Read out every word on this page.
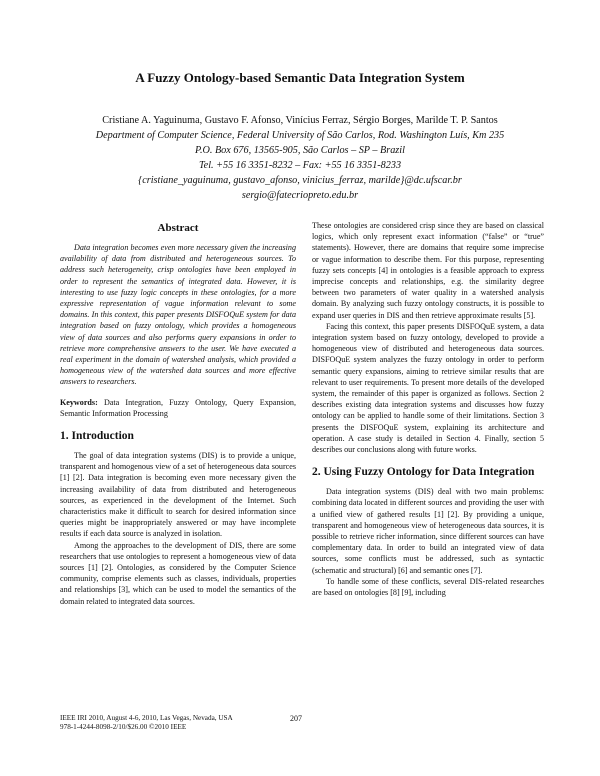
A Fuzzy Ontology-based Semantic Data Integration System
Cristiane A. Yaguinuma, Gustavo F. Afonso, Vinícius Ferraz, Sérgio Borges, Marilde T. P. Santos
Department of Computer Science, Federal University of São Carlos, Rod. Washington Luís, Km 235
P.O. Box 676, 13565-905, São Carlos – SP – Brazil
Tel. +55 16 3351-8232 – Fax: +55 16 3351-8233
{cristiane_yaguinuma, gustavo_afonso, vinicius_ferraz, marilde}@dc.ufscar.br
sergio@fatecriopreto.edu.br
Abstract

Data integration becomes even more necessary given the increasing availability of data from distributed and heterogeneous sources. To address such heterogeneity, crisp ontologies have been employed in order to represent the semantics of integrated data. However, it is interesting to use fuzzy logic concepts in these ontologies, for a more expressive representation of vague information relevant to some domains. In this context, this paper presents DISFOQuE system for data integration based on fuzzy ontology, which provides a homogeneous view of data sources and also performs query expansions in order to retrieve more comprehensive answers to the user. We have executed a real experiment in the domain of watershed analysis, which provided a homogeneous view of the watershed data sources and more effective answers to researchers.

Keywords: Data Integration, Fuzzy Ontology, Query Expansion, Semantic Information Processing

1. Introduction

The goal of data integration systems (DIS) is to provide a unique, transparent and homogenous view of a set of heterogeneous data sources [1] [2]. Data integration is becoming even more necessary given the increasing availability of data from distributed and heterogeneous sources, as experienced in the development of the Internet. Such characteristics make it difficult to search for desired information since queries might be inappropriately answered or may have incomplete results if each data source is analyzed in isolation.

Among the approaches to the development of DIS, there are some researchers that use ontologies to represent a homogeneous view of data sources [1] [2]. Ontologies, as considered by the Computer Science community, comprise elements such as classes, individuals, properties and relationships [3], which can be used to model the semantics of the domain related to integrated data sources.

These ontologies are considered crisp since they are based on classical logics, which only represent exact information (“false” or “true” statements). However, there are domains that require some imprecise or vague information to describe them. For this purpose, representing fuzzy sets concepts [4] in ontologies is a feasible approach to express imprecise concepts and relationships, e.g. the similarity degree between two parameters of water quality in a watershed analysis domain. By analyzing such fuzzy ontology constructs, it is possible to expand user queries in DIS and then retrieve approximate results [5].

Facing this context, this paper presents DISFOQuE system, a data integration system based on fuzzy ontology, developed to provide a homogeneous view of distributed and heterogeneous data sources. DISFOQuE system analyzes the fuzzy ontology in order to perform semantic query expansions, aiming to retrieve similar results that are relevant to user requirements. To present more details of the developed system, the remainder of this paper is organized as follows. Section 2 describes existing data integration systems and discusses how fuzzy ontology can be applied to handle some of their limitations. Section 3 presents the DISFOQuE system, explaining its architecture and operation. A case study is detailed in Section 4. Finally, section 5 describes our conclusions along with future works.

2. Using Fuzzy Ontology for Data Integration

Data integration systems (DIS) deal with two main problems: combining data located in different sources and providing the user with a unified view of gathered results [1] [2]. By providing a unique, transparent and homogeneous view of heterogeneous data sources, it is possible to retrieve richer information, since different sources can have complementary data. In order to build an integrated view of data sources, some conflicts must be addressed, such as syntactic (schematic and structural) [6] and semantic ones [7].

To handle some of these conflicts, several DIS-related researches are based on ontologies [8] [9], including

IEEE IRI 2010, August 4-6, 2010, Las Vegas, Nevada, USA
978-1-4244-8098-2/10/$26.00 ©2010 IEEE
207
